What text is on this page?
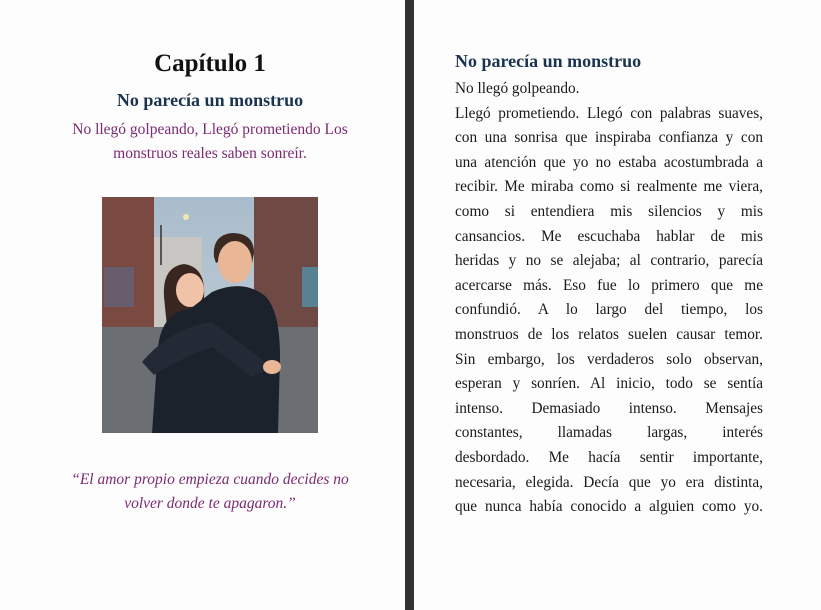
Capítulo 1
No parecía un monstruo
No llegó golpeando, Llegó prometiendo Los
monstruos reales saben sonreír.
“El amor propio empieza cuando decides no
volver donde te apagaron.”
No parecía un monstruo
No llegó golpeando.
Llegó prometiendo. Llegó con palabras suaves,
con una sonrisa que inspiraba confianza y con
una atención que yo no estaba acostumbrada a
recibir. Me miraba como si realmente me viera,
como si entendiera mis silencios y mis
cansancios. Me escuchaba hablar de mis
heridas y no se alejaba; al contrario, parecía
acercarse más. Eso fue lo primero que me
confundió. A lo largo del tiempo, los
monstruos de los relatos suelen causar temor.
Sin embargo, los verdaderos solo observan,
esperan y sonríen. Al inicio, todo se sentía
intenso. Demasiado intenso. Mensajes
constantes, llamadas largas, interés
desbordado. Me hacía sentir importante,
necesaria, elegida. Decía que yo era distinta,
que nunca había conocido a alguien como yo.
